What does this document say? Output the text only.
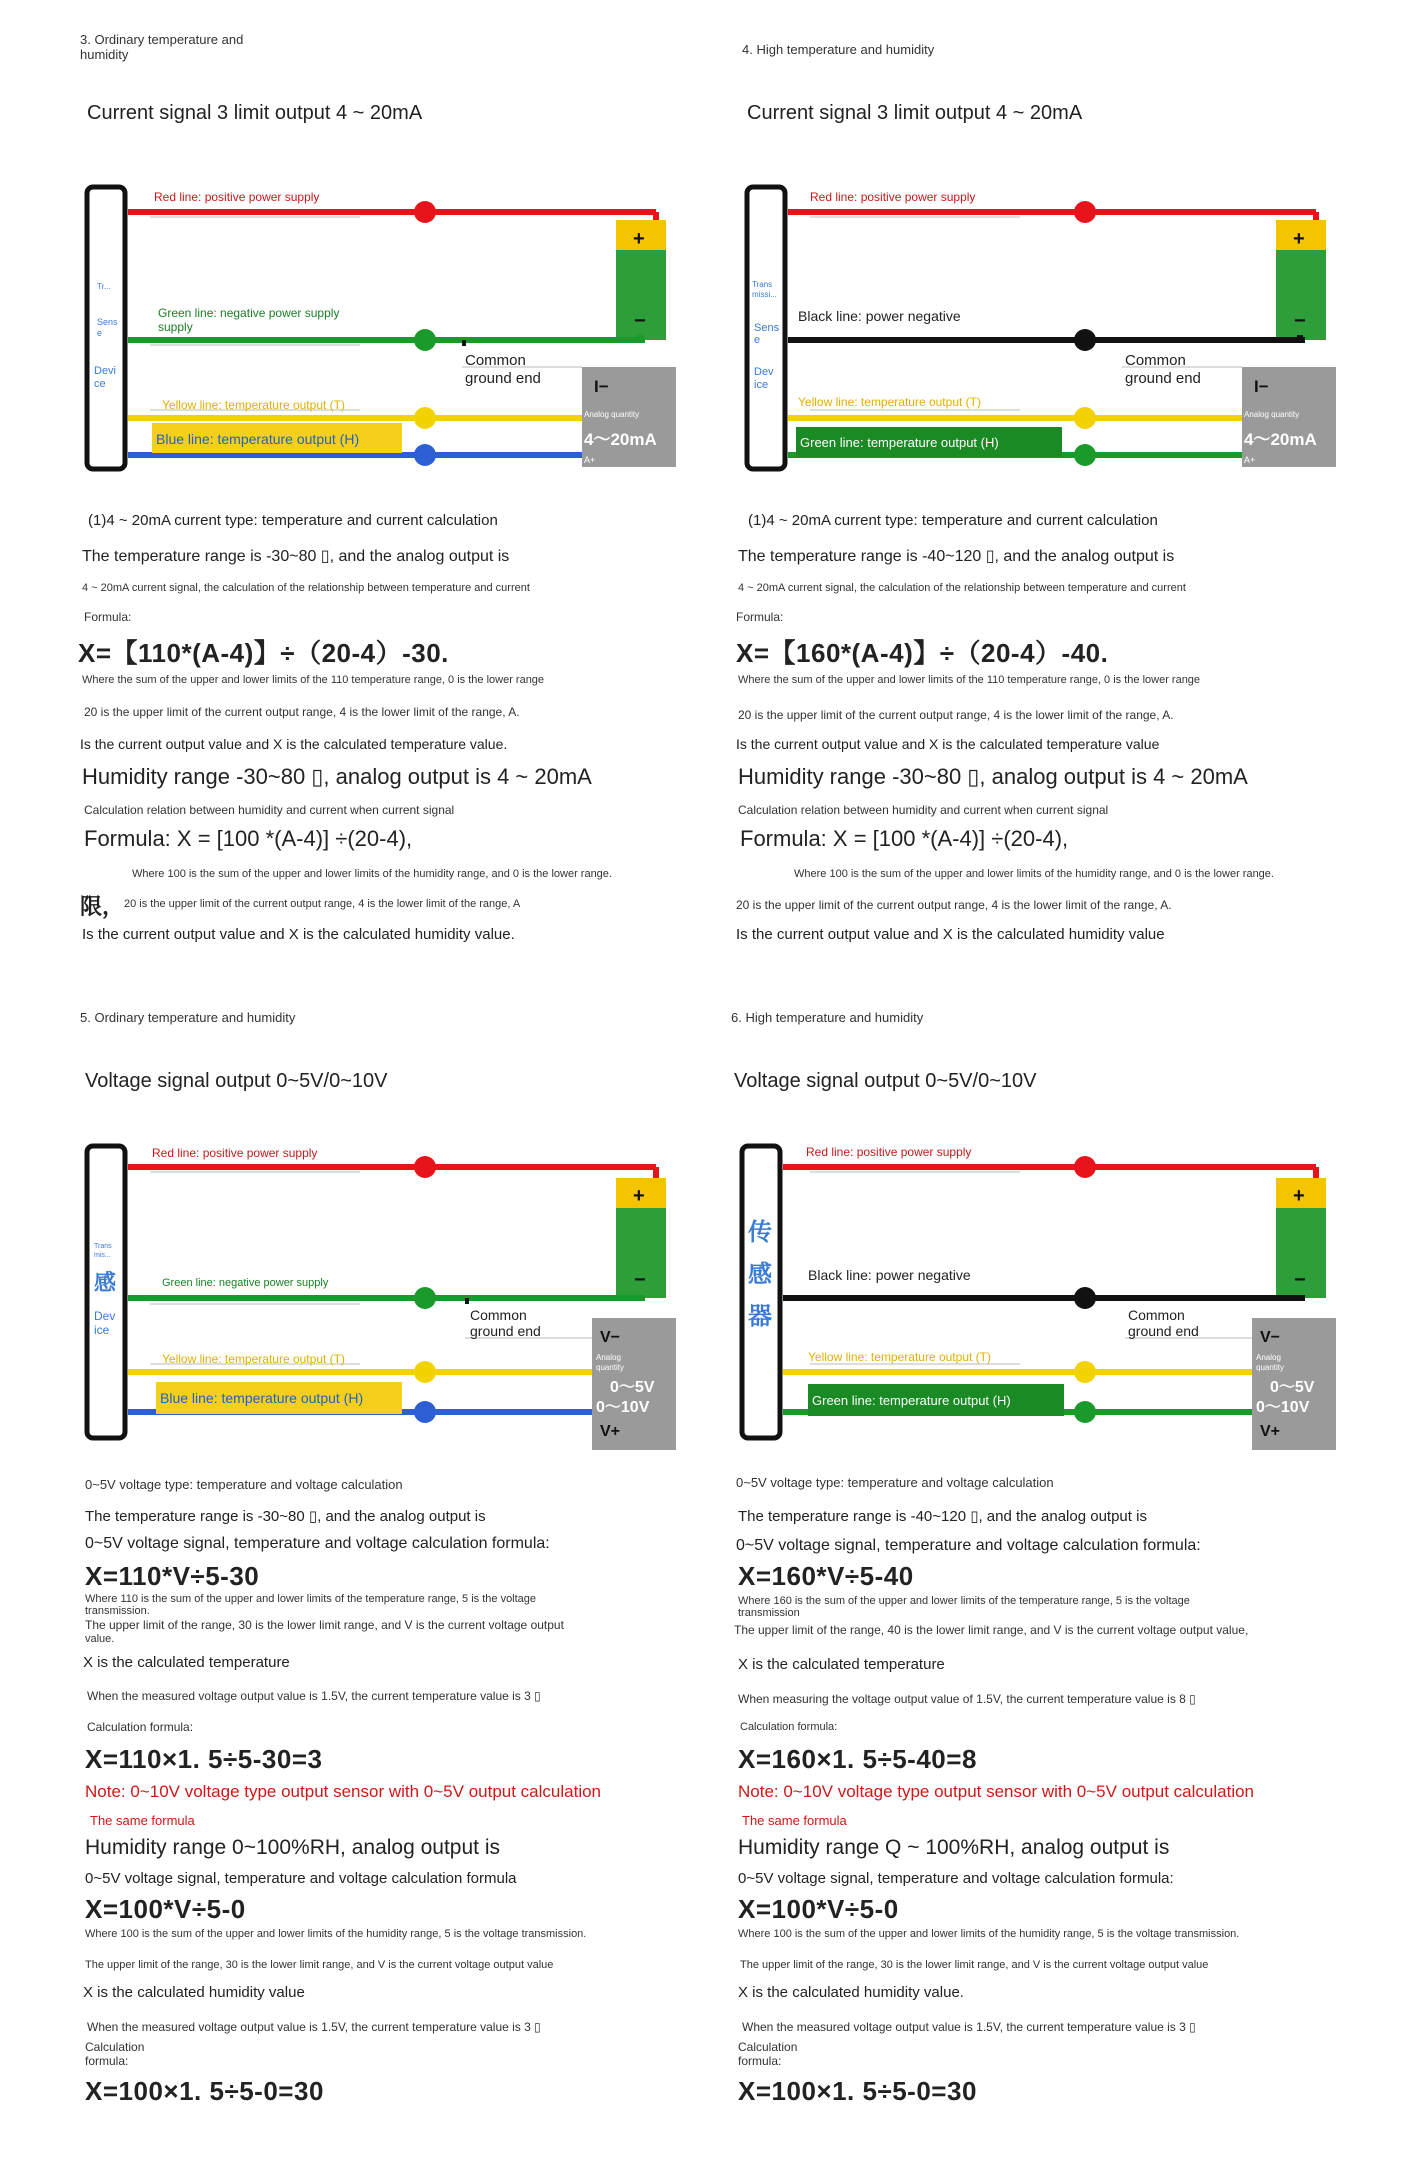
3. Ordinary temperature and humidity
Current signal 3 limit output 4 ~ 20mA
Red line: positive power supply
Green line: negative power supply
supply
Common
ground end
Yellow line: temperature output (T)
Blue line: temperature output (H)
Tr...
Sens
e
Devi
ce	I−
Analog quantity
4～20mA
A+
+
−
(1)4 ~ 20mA current type: temperature and current calculation
The temperature range is -30~80 ▯, and the analog output is
4 ~ 20mA current signal, the calculation of the relationship between temperature and current
Formula:
X=【110*(A-4)】÷（20-4）-30.
Where the sum of the upper and lower limits of the 110 temperature range, 0 is the lower range
20 is the upper limit of the current output range, 4 is the lower limit of the range, A.
Is the current output value and X is the calculated temperature value.
Humidity range -30~80 ▯, analog output is 4 ~ 20mA
Calculation relation between humidity and current when current signal
Formula: X = [100 *(A-4)] ÷(20-4),
Where 100 is the sum of the upper and lower limits of the humidity range, and 0 is the lower range.
限， 20 is the upper limit of the current output range, 4 is the lower limit of the range, A
Is the current output value and X is the calculated humidity value.
4. High temperature and humidity
Current signal 3 limit output 4 ~ 20mA
Red line: positive power supply
Black line: power negative
Common
ground end
Yellow line: temperature output (T)
Green line: temperature output (H)
Trans
missi...
Sens
e
Dev
ice	I−
Analog quantity
4～20mA
A+
+
−
(1)4 ~ 20mA current type: temperature and current calculation
The temperature range is -40~120 ▯, and the analog output is
4 ~ 20mA current signal, the calculation of the relationship between temperature and current
Formula:
X=【160*(A-4)】÷（20-4）-40.
Where the sum of the upper and lower limits of the 110 temperature range, 0 is the lower range
20 is the upper limit of the current output range, 4 is the lower limit of the range, A.
Is the current output value and X is the calculated temperature value
Humidity range -30~80 ▯, analog output is 4 ~ 20mA
Calculation relation between humidity and current when current signal
Formula: X = [100 *(A-4)] ÷(20-4),
Where 100 is the sum of the upper and lower limits of the humidity range, and 0 is the lower range.
20 is the upper limit of the current output range, 4 is the lower limit of the range, A.
Is the current output value and X is the calculated humidity value
5. Ordinary temperature and humidity
Voltage signal output 0~5V/0~10V
Red line: positive power supply
Green line: negative power supply
Common
ground end
Yellow line: temperature output (T)
Blue line: temperature output (H)
Trans
mis...
感
Dev
ice	V−
Analog
quantity
0～5V
0～10V
V+
+
−
0~5V voltage type: temperature and voltage calculation
The temperature range is -30~80 ▯, and the analog output is
0~5V voltage signal, temperature and voltage calculation formula:
X=110*V÷5-30
Where 110 is the sum of the upper and lower limits of the temperature range, 5 is the voltage
transmission.
The upper limit of the range, 30 is the lower limit range, and V is the current voltage output
value.
X is the calculated temperature
When the measured voltage output value is 1.5V, the current temperature value is 3 ▯
Calculation formula:
X=110×1. 5÷5-30=3
Note: 0~10V voltage type output sensor with 0~5V output calculation
The same formula
Humidity range 0~100%RH, analog output is
0~5V voltage signal, temperature and voltage calculation formula
X=100*V÷5-0
Where 100 is the sum of the upper and lower limits of the humidity range, 5 is the voltage transmission.
The upper limit of the range, 30 is the lower limit range, and V is the current voltage output value
X is the calculated humidity value
When the measured voltage output value is 1.5V, the current temperature value is 3 ▯
Calculation
formula:
X=100×1. 5÷5-0=30
6. High temperature and humidity
Voltage signal output 0~5V/0~10V
Red line: positive power supply
Black line: power negative
Common
ground end
Yellow line: temperature output (T)
Green line: temperature output (H)
传
感
器
V−
Analog
quantity
0～5V
0～10V
V+
+
−
0~5V voltage type: temperature and voltage calculation
The temperature range is -40~120 ▯, and the analog output is
0~5V voltage signal, temperature and voltage calculation formula:
X=160*V÷5-40
Where 160 is the sum of the upper and lower limits of the temperature range, 5 is the voltage
transmission
The upper limit of the range, 40 is the lower limit range, and V is the current voltage output value,
X is the calculated temperature
When measuring the voltage output value of 1.5V, the current temperature value is 8 ▯
Calculation formula:
X=160×1. 5÷5-40=8
Note: 0~10V voltage type output sensor with 0~5V output calculation
The same formula
Humidity range Q ~ 100%RH, analog output is
0~5V voltage signal, temperature and voltage calculation formula:
X=100*V÷5-0
Where 100 is the sum of the upper and lower limits of the humidity range, 5 is the voltage transmission.
The upper limit of the range, 30 is the lower limit range, and V is the current voltage output value
X is the calculated humidity value.
When the measured voltage output value is 1.5V, the current temperature value is 3 ▯
Calculation
formula:
X=100×1. 5÷5-0=30
